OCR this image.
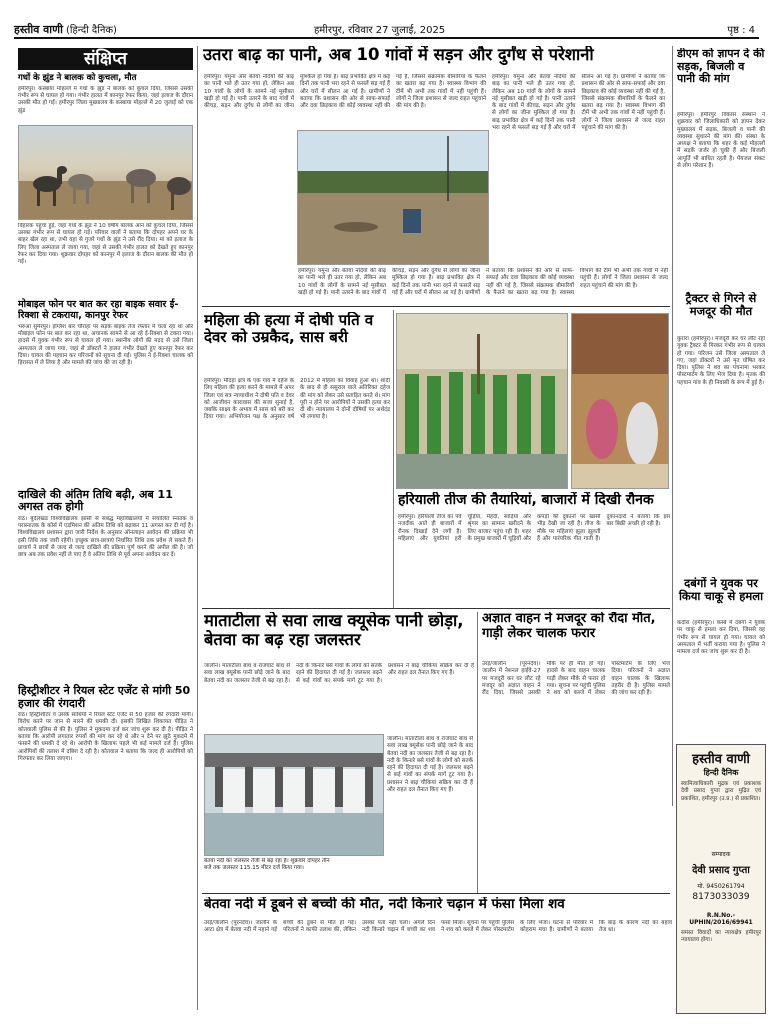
हस्तीव वाणी (हिन्दी दैनिक)	हमीरपुर, रविवार 27 जुलाई, 2025	पृष्ठ : 4
संक्षिप्त
गधों के झुंड ने बालक को कुचला, मौत
हमीरपुर। कस्बाया मोहल्ले में गधों के झुंड ने बालक को कुचल दिया, जिससे उसकी गंभीर रूप से घायल हो गया। गंभीर हालत में कानपुर रेफर किया, जहां इलाज के दौरान उसकी मौत हो गई। हमीरपुर जिला मुख्यालय के कस्बाया मोहल्ले में 20 जुलाई को एक झुंड
विहारक पहुंचा हुई, जहां गधों के झुंड ने 10 वर्षीय बालक आन को कुचल दिया, जिससे उसका गंभीर रूप से घायल हो गई। परिवार वालों ने बताया कि दोपहर अपने घर के बाहर खेल रहा था, तभी वहां से गुजरे गधों के झुंड ने उसे रौंद दिया। मां को इलाज के लिए जिला अस्पताल ले जाया गया, जहां से उसकी गंभीर हालत को देखते हुए कानपुर रेफर कर दिया गया। शुक्रवार दोपहर को कानपुर में इलाज के दौरान बालक की मौत हो गई।
मोबाइल फोन पर बात कर रहा बाइक सवार ई-रिक्शा से टकराया, कानपुर रेफर
भरुआ सुमेरपुर। इंग्लिश बार चौराहा पर सड़क बाइक तेज रफ्तार में चला रहा था और मोबाइल फोन पर बात कर रहा था, अचानक सामने से आ रहे ई-रिक्शा से टकरा गया। हादसे में युवक गंभीर रूप से घायल हो गया। स्थानीय लोगों की मदद से उसे जिला अस्पताल ले जाया गया, जहां से डॉक्टरों ने हालत गंभीर देखते हुए कानपुर रेफर कर दिया। घायल की पहचान कर परिजनों को सूचना दी गई। पुलिस ने ई-रिक्शा चालक को हिरासत में ले लिया है और मामले की जांच की जा रही है।
दाखिले की अंतिम तिथि बढ़ी, अब 11 अगस्त तक होगी
राठ। बुंदेलखंड विश्वविद्यालय झांसी से संबद्ध महाविद्यालयों में संचालित स्नातक व परास्नातक के कोर्स में एडमिशन की अंतिम तिथि को बढ़ाकर 11 अगस्त कर दी गई है। विश्वविद्यालय प्रशासन द्वारा जारी निर्देश के अनुसार ऑनलाइन आवेदन की प्रक्रिया भी इसी तिथि तक जारी रहेगी। इच्छुक छात्र-छात्राएं निर्धारित तिथि तक प्रवेश ले सकते हैं। प्राचार्य ने छात्रों से जल्द से जल्द दाखिले की प्रक्रिया पूर्ण करने की अपील की है। जो छात्र अब तक प्रवेश नहीं ले पाए हैं वे अंतिम तिथि से पूर्व अपना आवेदन कर दें।
हिस्ट्रीशीटर ने रियल स्टेट एजेंट से मांगी 50 हजार की रंगदारी
राठ। हिस्ट्रीशीटर व उसके साथियों ने रियल स्टेट एजेंट से 50 हजार की रंगदारी मांगी। विरोध करने पर जान से मारने की धमकी दी। इसकी लिखित शिकायत पीड़ित ने कोतवाली पुलिस से की है। पुलिस ने मुकदमा दर्ज कर जांच शुरू कर दी है। पीड़ित ने बताया कि आरोपी लगातार रुपयों की मांग कर रहे थे और न देने पर झूठे मुकदमे में फंसाने की धमकी दे रहे थे। आरोपी के खिलाफ पहले भी कई मामले दर्ज हैं। पुलिस आरोपियों की तलाश में दबिश दे रही है। कोतवाल ने बताया कि जल्द ही आरोपियों को गिरफ्तार कर लिया जाएगा।
उतरा बाढ़ का पानी, अब 10 गांवों में सड़न और दुर्गंध से परेशानी
हमीरपुर। यमुना और बेतवा नदियों की बाढ़ का पानी भले ही उतर गया हो, लेकिन अब 10 गांवों के लोगों के सामने नई मुसीबत खड़ी हो गई है। पानी उतरने के बाद गांवों में कीचड़, सड़न और दुर्गंध से लोगों का जीना मुश्किल हो गया है। बाढ़ प्रभावित क्षेत्र में कई दिनों तक पानी भरा रहने से फसलें सड़ गई हैं और घरों में सीलन आ गई है। ग्रामीणों ने बताया कि प्रशासन की ओर से साफ-सफाई और दवा छिड़काव की कोई व्यवस्था नहीं की गई है, जिससे संक्रामक बीमारियों के फैलने का खतरा बढ़ गया है। स्वास्थ्य विभाग की टीमें भी अभी तक गांवों में नहीं पहुंची हैं। लोगों ने जिला प्रशासन से जल्द राहत पहुंचाने की मांग की है।
हमीरपुर। यमुना और बेतवा नदियों की बाढ़ का पानी भले ही उतर गया हो, लेकिन अब 10 गांवों के लोगों के सामने नई मुसीबत खड़ी हो गई है। पानी उतरने के बाद गांवों में कीचड़, सड़न और दुर्गंध से लोगों का जीना मुश्किल हो गया है। बाढ़ प्रभावित क्षेत्र में कई दिनों तक पानी भरा रहने से फसलें सड़ गई हैं और घरों में सीलन आ गई है। ग्रामीणों ने बताया कि प्रशासन की ओर से साफ-सफाई और दवा छिड़काव की कोई व्यवस्था नहीं की गई है, जिससे संक्रामक बीमारियों के फैलने का खतरा बढ़ गया है। स्वास्थ्य विभाग की टीमें भी अभी तक गांवों में नहीं पहुंची हैं। लोगों ने जिला प्रशासन से जल्द राहत पहुंचाने की मांग की है।
हमीरपुर। यमुना और बेतवा नदियों की बाढ़ का पानी भले ही उतर गया हो, लेकिन अब 10 गांवों के लोगों के सामने नई मुसीबत खड़ी हो गई है। पानी उतरने के बाद गांवों में कीचड़, सड़न और दुर्गंध से लोगों का जीना मुश्किल हो गया है। बाढ़ प्रभावित क्षेत्र में कई दिनों तक पानी भरा रहने से फसलें सड़ गई हैं और घरों में सीलन आ गई है। ग्रामीणों ने बताया कि प्रशासन की ओर से साफ-सफाई और दवा छिड़काव की कोई व्यवस्था नहीं की गई है, जिससे संक्रामक बीमारियों के फैलने का खतरा बढ़ गया है। स्वास्थ्य विभाग की टीमें भी अभी तक गांवों में नहीं पहुंची हैं। लोगों ने जिला प्रशासन से जल्द राहत पहुंचाने की मांग की है।
डीएम को ज्ञापन दे की सड़क, बिजली व पानी की मांग
हमीरपुर। हमीरपुर विकास संस्थान ने शुक्रवार को जिलाधिकारी को ज्ञापन देकर मुख्यालय में सड़क, बिजली व पानी की व्यवस्था सुधारने की मांग की। संस्था के अध्यक्ष ने बताया कि शहर के कई मोहल्लों में सड़कें जर्जर हो चुकी हैं और बिजली आपूर्ति भी बाधित रहती है। पेयजल संकट से लोग परेशान हैं।
ट्रैक्टर से गिरने से मजदूर की मौत
कुरारा (हमीरपुर)। मजदूरी कर घर लौट रहा युवक ट्रैक्टर से गिरकर गंभीर रूप से घायल हो गया। परिजन उसे जिला अस्पताल ले गए, जहां डॉक्टरों ने उसे मृत घोषित कर दिया। पुलिस ने शव का पंचनामा भरकर पोस्टमार्टम के लिए भेज दिया है। मृतक की पहचान गांव के ही निवासी के रूप में हुई है।
दबंगों ने युवक पर किया चाकू से हमला
कदौरा (हमीरपुर)। कस्बे में दबंगों ने युवक पर चाकू से हमला कर दिया, जिससे वह गंभीर रूप से घायल हो गया। घायल को अस्पताल में भर्ती कराया गया है। पुलिस ने मामला दर्ज कर जांच शुरू कर दी है।
हस्तीव वाणी
हिन्दी दैनिक
स्वामित्वाधिकारी मुद्रक एवं प्रकाशक देवी प्रसाद गुप्ता द्वारा मुद्रित एवं प्रकाशित, हमीरपुर (उ.प्र.) से प्रकाशित।
सम्पादक
देवी प्रसाद गुप्ता
मो. 9450261794
8173033039
R.N.No.-UPHIN/2016/69941
समस्त विवादों का न्यायक्षेत्र हमीरपुर न्यायालय होगा।
महिला की हत्या में दोषी पति व देवर को उम्रकैद, सास बरी
हमीरपुर। मौदहा क्षेत्र के एक गांव में दहेज के लिए महिला की हत्या करने के मामले में अपर जिला एवं सत्र न्यायाधीश ने दोषी पति व देवर को आजीवन कारावास की सजा सुनाई है, जबकि साक्ष्य के अभाव में सास को बरी कर दिया गया। अभियोजन पक्ष के अनुसार वर्ष 2012 में महिला का विवाह हुआ था। शादी के बाद से ही ससुराल वाले अतिरिक्त दहेज की मांग को लेकर उसे प्रताड़ित करते थे। मांग पूरी न होने पर आरोपियों ने उसकी हत्या कर दी थी। न्यायालय ने दोनों दोषियों पर अर्थदंड भी लगाया है।
हरियाली तीज की तैयारियां, बाजारों में दिखी रौनक
हमीरपुर। हरियाली तीज का पर्व नजदीक आते ही बाजारों में रौनक दिखाई देने लगी है। महिलाएं और युवतियां हरी चूड़ियां, मेहंदी, साड़ियां और श्रृंगार का सामान खरीदने के लिए बाजार पहुंच रही हैं। शहर के प्रमुख बाजारों में चूड़ियों और कपड़ों की दुकानों पर खासी भीड़ देखी जा रही है। तीज के मौके पर महिलाएं झूला झूलती हैं और पारंपरिक गीत गाती हैं। दुकानदारों ने बताया कि इस बार बिक्री अच्छी हो रही है।
माताटीला से सवा लाख क्यूसेक पानी छोड़ा, बेतवा का बढ़ रहा जलस्तर
जालौन। माताटीला बांध व राजघाट बांध से सवा लाख क्यूसेक पानी छोड़े जाने के बाद बेतवा नदी का जलस्तर तेजी से बढ़ रहा है। नदी के किनारे बसे गांवों के लोगों को सतर्क रहने की हिदायत दी गई है। जलस्तर बढ़ने से कई गांवों का संपर्क मार्ग टूट गया है। प्रशासन ने बाढ़ चौकियां सक्रिय कर दी हैं और राहत दल तैनात किए गए हैं।
जालौन। माताटीला बांध व राजघाट बांध से सवा लाख क्यूसेक पानी छोड़े जाने के बाद बेतवा नदी का जलस्तर तेजी से बढ़ रहा है। नदी के किनारे बसे गांवों के लोगों को सतर्क रहने की हिदायत दी गई है। जलस्तर बढ़ने से कई गांवों का संपर्क मार्ग टूट गया है। प्रशासन ने बाढ़ चौकियां सक्रिय कर दी हैं और राहत दल तैनात किए गए हैं।
बेतवा नदी का जलस्तर तेजी से बढ़ रहा है। शुक्रवार दोपहर तीन बजे तक जलस्तर 115.15 मीटर दर्ज किया गया।
अज्ञात वाहन ने मजदूर को रौंदा मौत, गाड़ी लेकर चालक फरार
उरई/जालौन (पूरनदेव)। जालौन में नेशनल हाईवे-27 पर मजदूरी कर घर लौट रहे मजदूर को अज्ञात वाहन ने रौंद दिया, जिससे उसकी मौके पर ही मौत हो गई। हादसे के बाद वाहन चालक गाड़ी लेकर मौके से फरार हो गया। सूचना पर पहुंची पुलिस ने शव को कब्जे में लेकर पोस्टमार्टम के लिए भेज दिया। परिजनों ने अज्ञात वाहन चालक के खिलाफ तहरीर दी है। पुलिस मामले की जांच कर रही है।
बेतवा नदी में डूबने से बच्ची की मौत, नदी किनारे चढ़ान में फंसा मिला शव
उरई/जालौन (पूरनदेव)। जालौन के आटा क्षेत्र में बेतवा नदी में नहाने गई बच्ची की डूबने से मौत हो गई। परिजनों ने काफी तलाश की, लेकिन उसका पता नहीं चला। अगले दिन नदी किनारे चढ़ान में बच्ची का शव फंसा मिला। सूचना पर पहुंची पुलिस ने शव को कब्जे में लेकर पोस्टमार्टम के लिए भेजा। घटना से परिवार में कोहराम मचा है। ग्रामीणों ने बताया कि बाढ़ के कारण नदी का बहाव तेज था।
